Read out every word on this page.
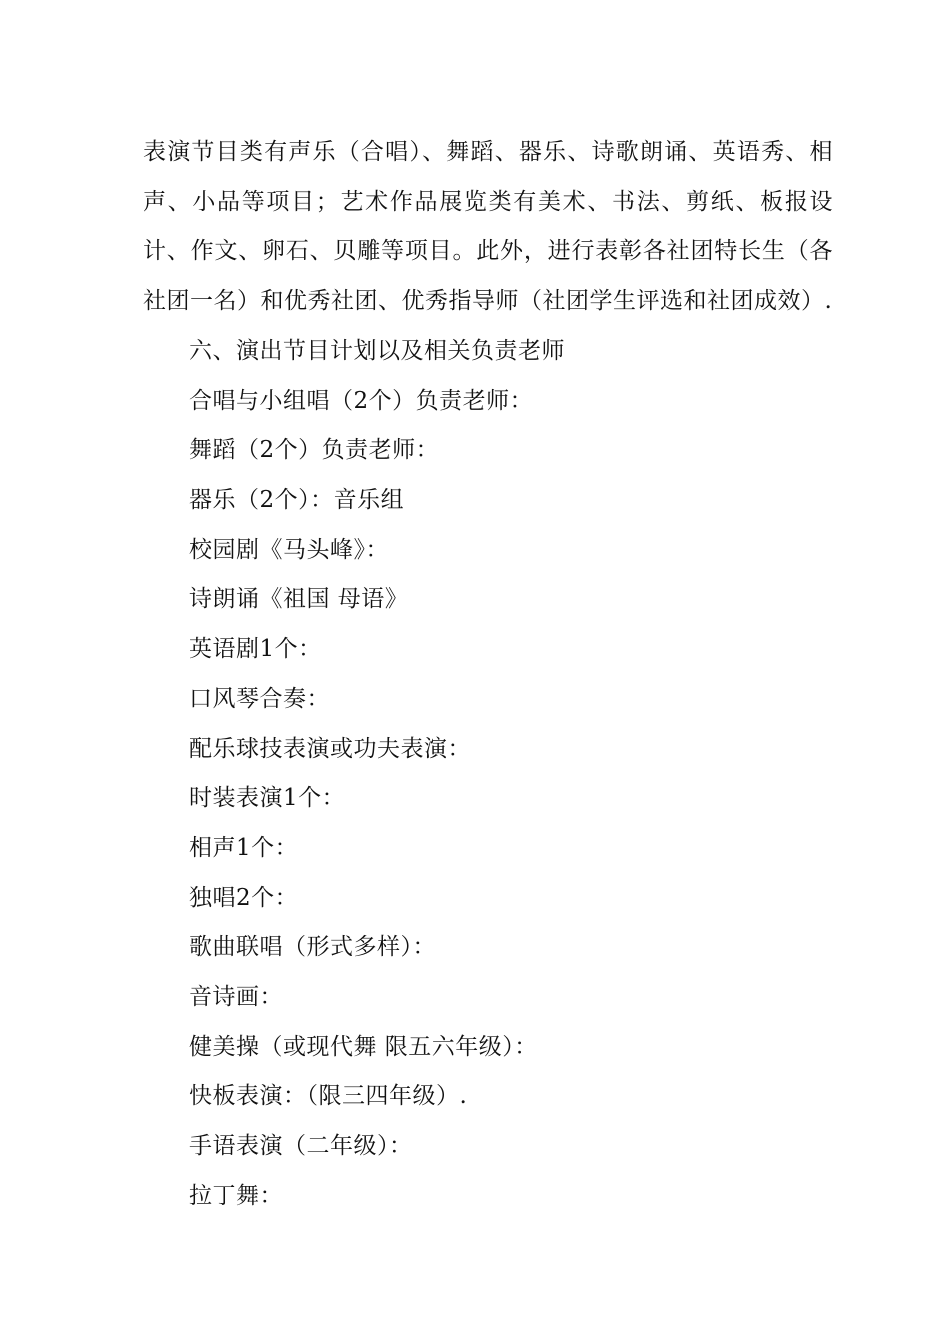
表演节目类有声乐（合唱）、舞蹈、器乐、诗歌朗诵、英语秀、相声、小品等项目；艺术作品展览类有美术、书法、剪纸、板报设计、作文、卵石、贝雕等项目。此外，进行表彰各社团特长生（各社团一名）和优秀社团、优秀指导师（社团学生评选和社团成效）.

六、演出节目计划以及相关负责老师
合唱与小组唱（2个）负责老师：
舞蹈（2个）负责老师：
器乐（2个）：音乐组
校园剧《马头峰》：
诗朗诵《祖国 母语》
英语剧1个：
口风琴合奏：
配乐球技表演或功夫表演：
时装表演1个：
相声1个：
独唱2个：
歌曲联唱（形式多样）：
音诗画：
健美操（或现代舞 限五六年级）：
快板表演：（限三四年级）.
手语表演（二年级）：
拉丁舞：
